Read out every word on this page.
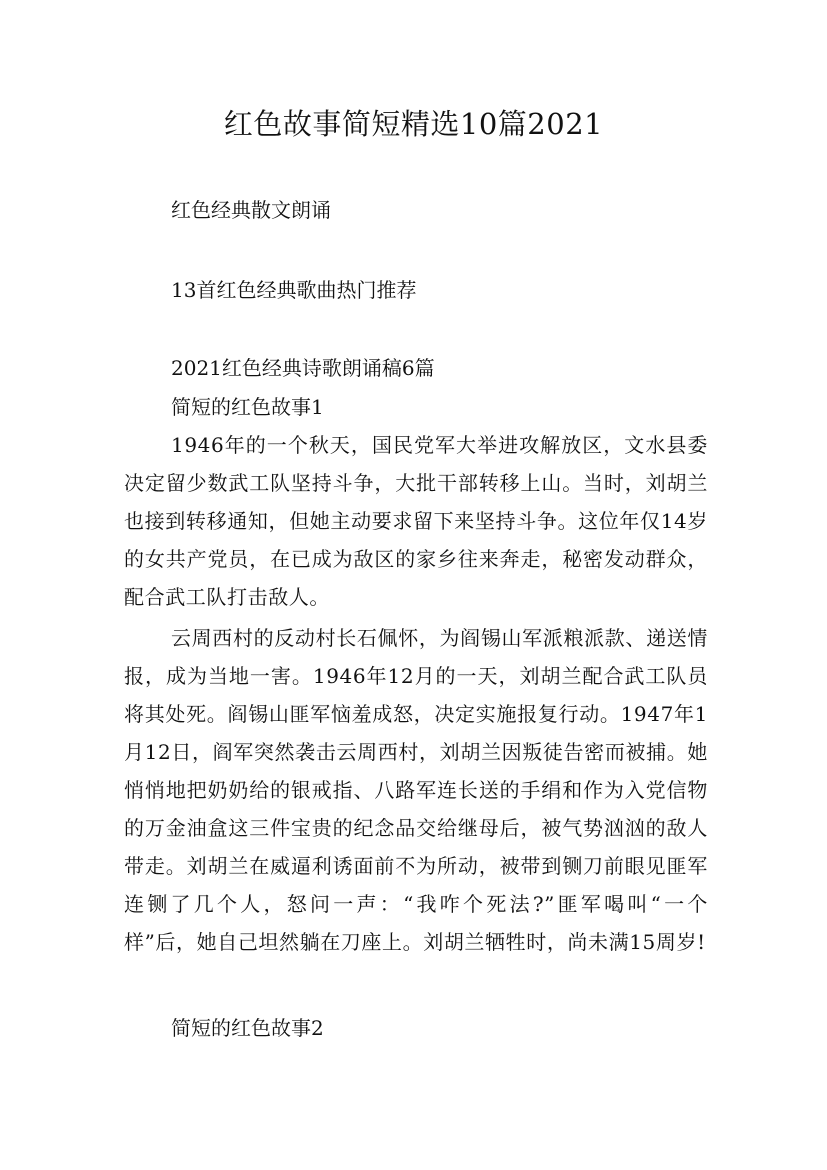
红色故事简短精选10篇2021
红色经典散文朗诵
13首红色经典歌曲热门推荐
2021红色经典诗歌朗诵稿6篇
简短的红色故事1
1946年的一个秋天，国民党军大举进攻解放区，文水县委决定留少数武工队坚持斗争，大批干部转移上山。当时，刘胡兰也接到转移通知，但她主动要求留下来坚持斗争。这位年仅14岁的女共产党员，在已成为敌区的家乡往来奔走，秘密发动群众，配合武工队打击敌人。
云周西村的反动村长石佩怀，为阎锡山军派粮派款、递送情报，成为当地一害。1946年12月的一天，刘胡兰配合武工队员将其处死。阎锡山匪军恼羞成怒，决定实施报复行动。1947年1月12日，阎军突然袭击云周西村，刘胡兰因叛徒告密而被捕。她悄悄地把奶奶给的银戒指、八路军连长送的手绢和作为入党信物的万金油盒这三件宝贵的纪念品交给继母后，被气势汹汹的敌人带走。刘胡兰在威逼利诱面前不为所动，被带到铡刀前眼见匪军连铡了几个人，怒问一声：“我咋个死法?”匪军喝叫“一个样”后，她自己坦然躺在刀座上。刘胡兰牺牲时，尚未满15周岁!
简短的红色故事2
